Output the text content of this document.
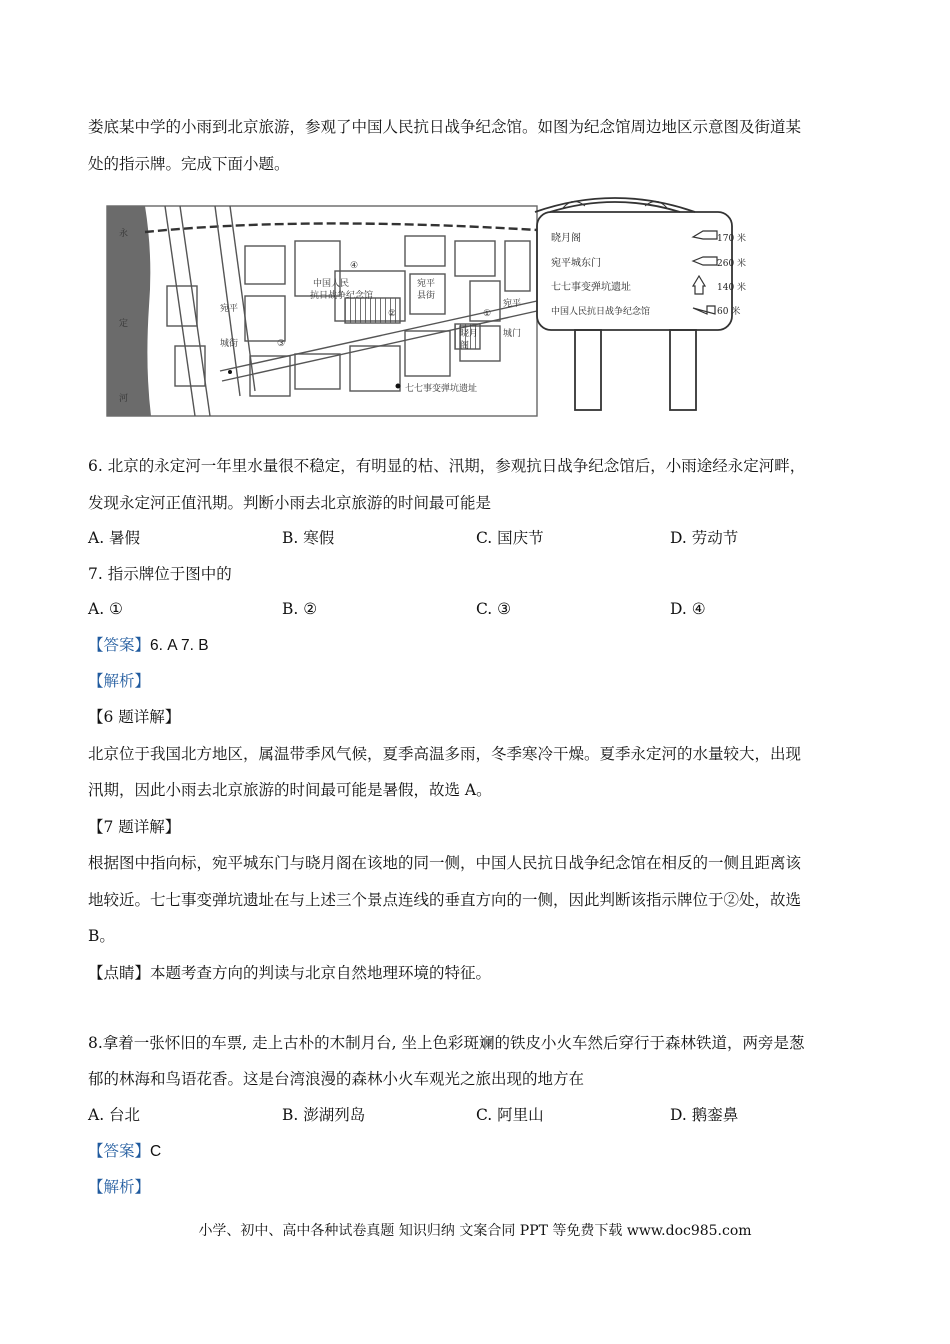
娄底某中学的小雨到北京旅游，参观了中国人民抗日战争纪念馆。如图为纪念馆周边地区示意图及街道某
处的指示牌。完成下面小题。
永
定
河
中国人民
抗日战争纪念馆
宛平
县街
宛平
城门
晓月
阁
①
②
③
④
宛平
城街
七七事变弹坑遗址
晓月阁	170 米
宛平城东门	260 米
七七事变弹坑遗址	140 米
中国人民抗日战争纪念馆	60 米
6. 北京的永定河一年里水量很不稳定，有明显的枯、汛期，参观抗日战争纪念馆后，小雨途经永定河畔，
发现永定河正值汛期。判断小雨去北京旅游的时间最可能是
A. 暑假	B. 寒假	C. 国庆节	D. 劳动节
7. 指示牌位于图中的
A. ①	B. ②	C. ③	D. ④
【答案】6. A 7. B
【解析】
【6 题详解】
北京位于我国北方地区，属温带季风气候，夏季高温多雨，冬季寒冷干燥。夏季永定河的水量较大，出现
汛期，因此小雨去北京旅游的时间最可能是暑假，故选 A。
【7 题详解】
根据图中指向标，宛平城东门与晓月阁在该地的同一侧，中国人民抗日战争纪念馆在相反的一侧且距离该
地较近。七七事变弹坑遗址在与上述三个景点连线的垂直方向的一侧，因此判断该指示牌位于②处，故选
B。
【点睛】本题考查方向的判读与北京自然地理环境的特征。
8.拿着一张怀旧的车票, 走上古朴的木制月台, 坐上色彩斑斓的铁皮小火车然后穿行于森林铁道，两旁是葱
郁的林海和鸟语花香。这是台湾浪漫的森林小火车观光之旅出现的地方在
A. 台北	B. 澎湖列岛	C. 阿里山	D. 鹅銮鼻
【答案】C
【解析】
小学、初中、高中各种试卷真题 知识归纳 文案合同 PPT 等免费下载 www.doc985.com
